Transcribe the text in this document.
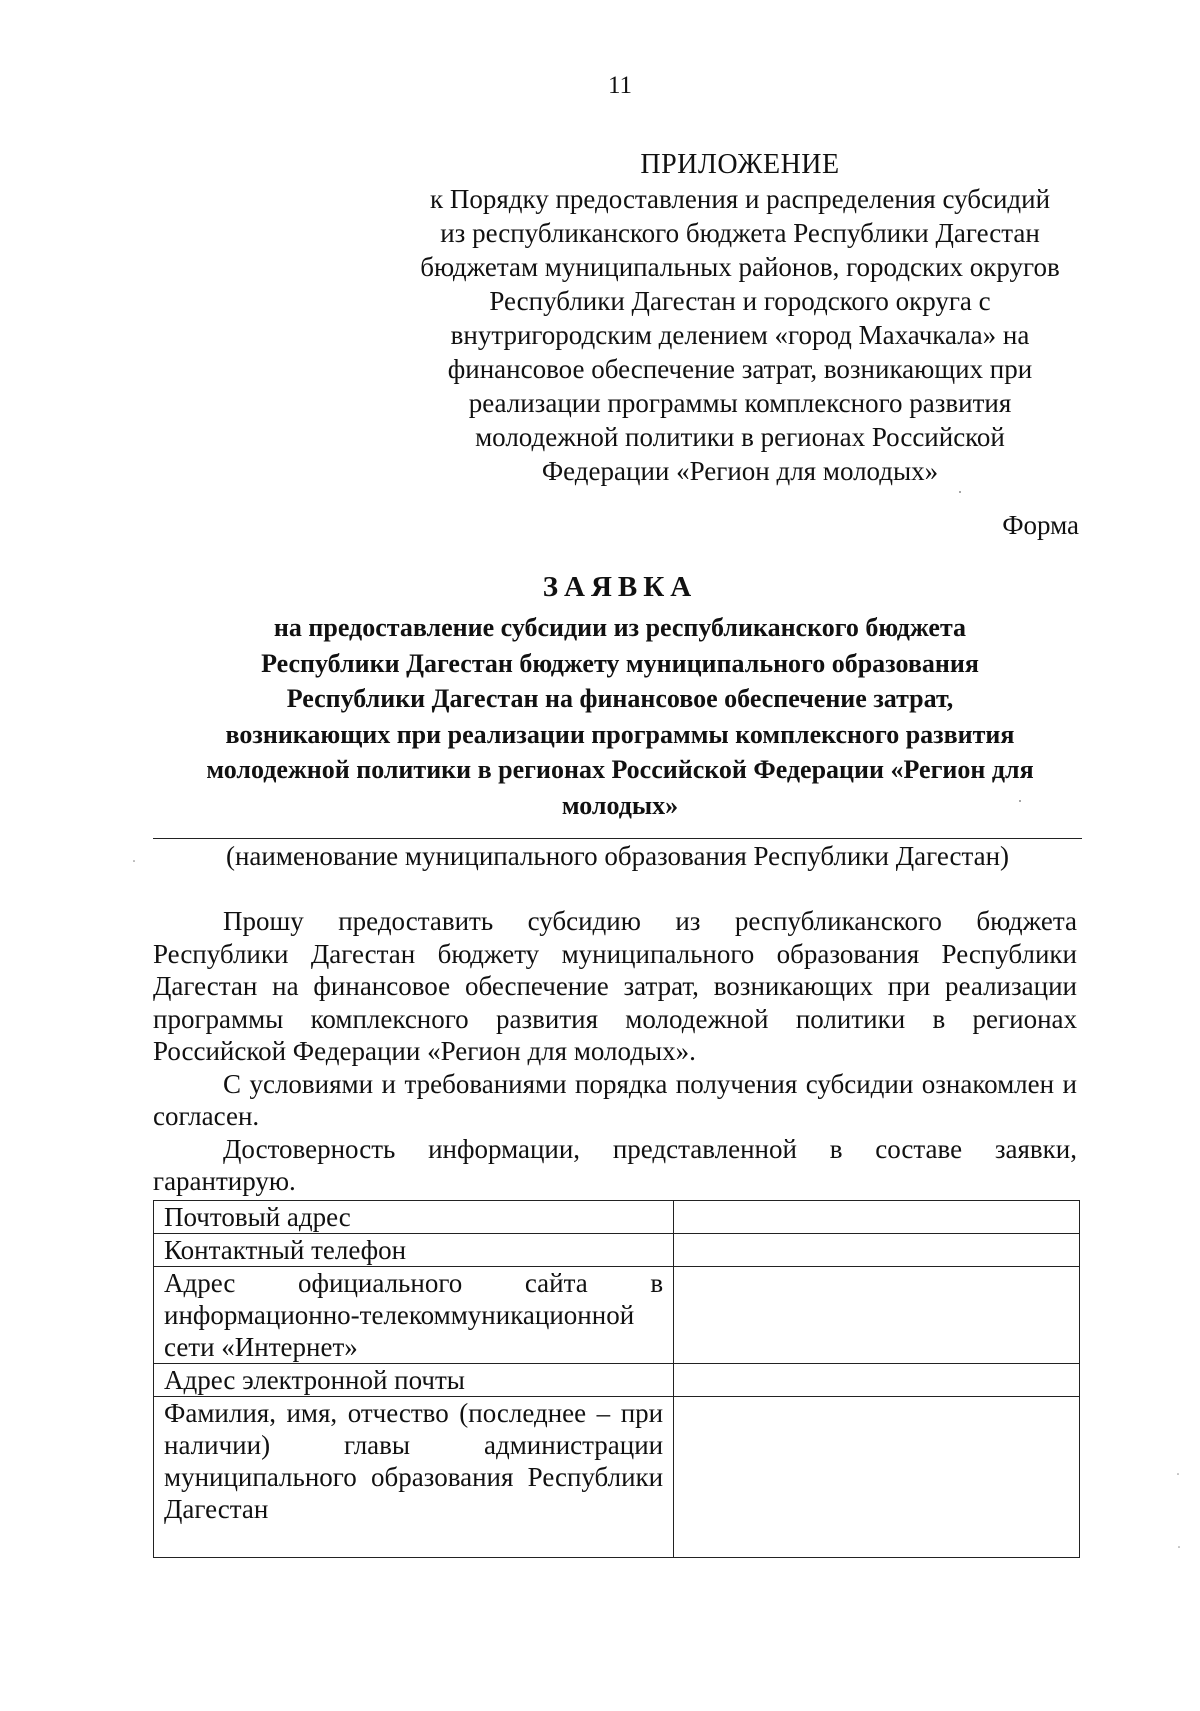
11
ПРИЛОЖЕНИЕ
к Порядку предоставления и распределения субсидий
из республиканского бюджета Республики Дагестан
бюджетам муниципальных районов, городских округов
Республики Дагестан и городского округа с
внутригородским делением «город Махачкала» на
финансовое обеспечение затрат, возникающих при
реализации программы комплексного развития
молодежной политики в регионах Российской
Федерации «Регион для молодых»
Форма
ЗАЯВКА
на предоставление субсидии из республиканского бюджета
Республики Дагестан бюджету муниципального образования
Республики Дагестан на финансовое обеспечение затрат,
возникающих при реализации программы комплексного развития
молодежной политики в регионах Российской Федерации «Регион для
молодых»
(наименование муниципального образования Республики Дагестан)

Прошу предоставить субсидию из республиканского бюджета Республики Дагестан бюджету муниципального образования Республики Дагестан на финансовое обеспечение затрат, возникающих при реализации программы комплексного развития молодежной политики в регионах Российской Федерации «Регион для молодых».

С условиями и требованиями порядка получения субсидии ознакомлен и согласен.

Достоверность информации, представленной в составе заявки, гарантирую.

Почтовый адрес	
Контактный телефон	
Адрес официального сайта в информационно-телекоммуникационной сети «Интернет»	
Адрес электронной почты	
Фамилия, имя, отчество (последнее – при наличии) главы администрации муниципального образования Республики Дагестан	
